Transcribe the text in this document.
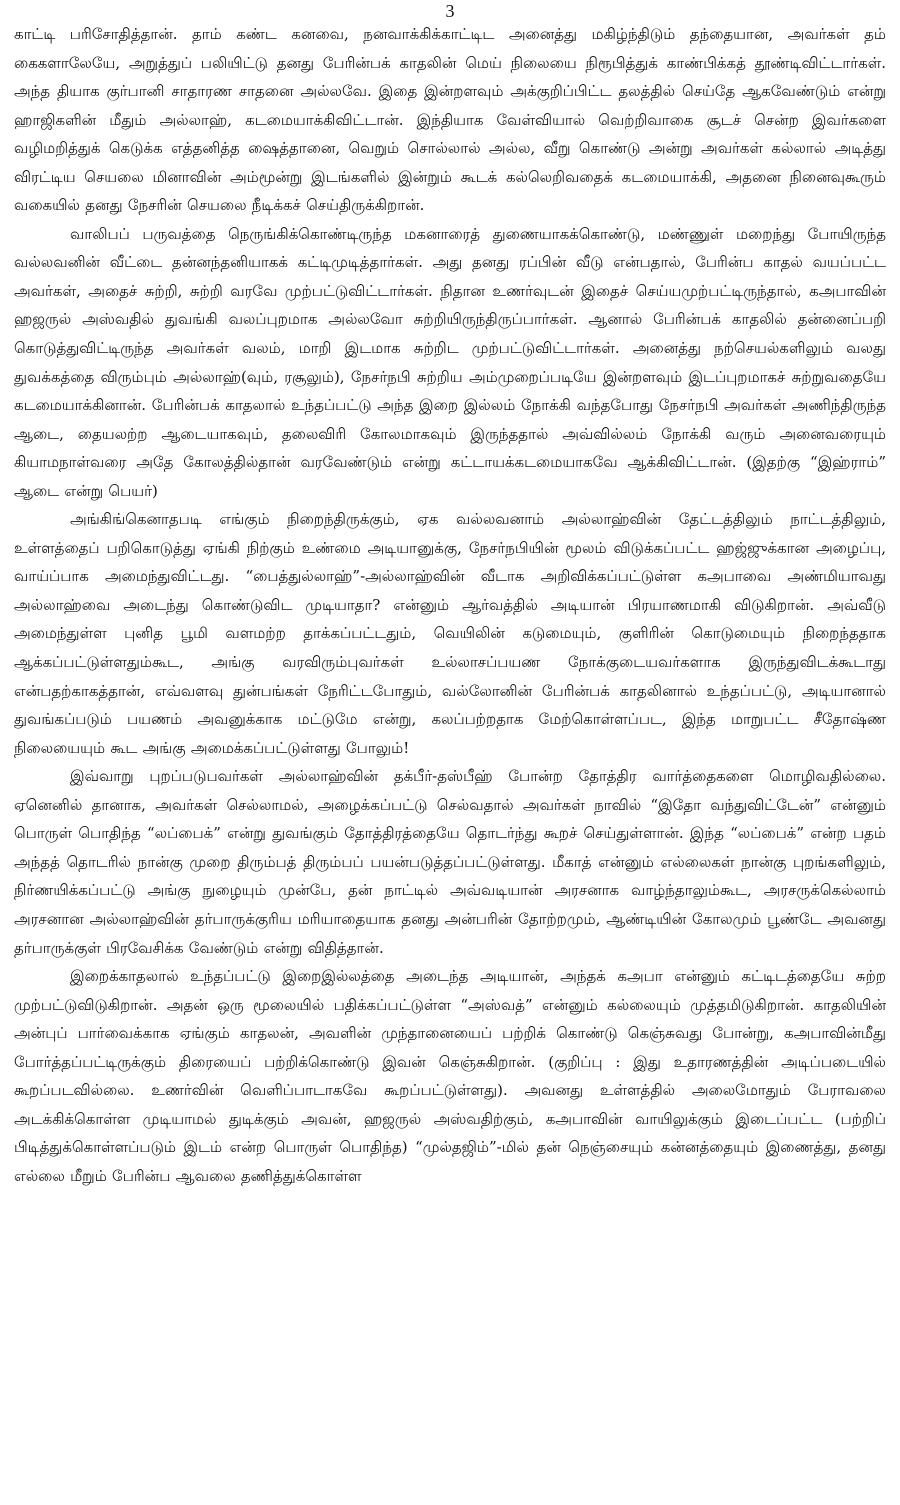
3

காட்டி பரிசோதித்தான். தாம் கண்ட கனவை, நனவாக்கிக்காட்டிட அனைத்து மகிழ்ந்திடும் தந்தையான, அவர்கள் தம் கைகளாலேயே, அறுத்துப் பலியிட்டு தனது பேரின்பக் காதலின் மெய் நிலையை நிரூபித்துக் காண்பிக்கத் தூண்டிவிட்டார்கள். அந்த தியாக குர்பானி சாதாரண சாதனை அல்லவே. இதை இன்றளவும் அக்குறிப்பிட்ட தலத்தில் செய்தே ஆகவேண்டும் என்று ஹாஜிகளின் மீதும் அல்லாஹ், கடமையாக்கிவிட்டான். இந்தியாக வேள்வியால் வெற்றிவாகை சூடச் சென்ற இவர்களை வழிமறித்துக் கெடுக்க எத்தனித்த ஷைத்தானை, வெறும் சொல்லால் அல்ல, வீறு கொண்டு அன்று அவர்கள் கல்லால் அடித்து விரட்டிய செயலை மினாவின் அம்மூன்று இடங்களில் இன்றும் கூடக் கல்லெறிவதைக் கடமையாக்கி, அதனை நினைவுகூரும் வகையில் தனது நேசரின் செயலை நீடிக்கச் செய்திருக்கிறான்.

வாலிபப் பருவத்தை நெருங்கிக்கொண்டிருந்த மகனாரைத் துணையாகக்கொண்டு, மண்ணுள் மறைந்து போயிருந்த வல்லவனின் வீட்டை தன்னந்தனியாகக் கட்டிமுடித்தார்கள். அது தனது ரப்பின் வீடு என்பதால், பேரின்ப காதல் வயப்பட்ட அவர்கள், அதைச் சுற்றி, சுற்றி வரவே முற்பட்டுவிட்டார்கள். நிதான உணர்வுடன் இதைச் செய்யமுற்பட்டிருந்தால், கஅபாவின் ஹஜருல் அஸ்வதில் துவங்கி வலப்புறமாக அல்லவோ சுற்றியிருந்திருப்பார்கள். ஆனால் பேரின்பக் காதலில் தன்னைப்பறி கொடுத்துவிட்டிருந்த அவர்கள் வலம், மாறி இடமாக சுற்றிட முற்பட்டுவிட்டார்கள். அனைத்து நற்செயல்களிலும் வலது துவக்கத்தை விரும்பும் அல்லாஹ்(வும், ரசூலும்), நேசர்நபி சுற்றிய அம்முறைப்படியே இன்றளவும் இடப்புறமாகச் சுற்றுவதையே கடமையாக்கினான். பேரின்பக் காதலால் உந்தப்பட்டு அந்த இறை இல்லம் நோக்கி வந்தபோது நேசர்நபி அவர்கள் அணிந்திருந்த ஆடை, தையலற்ற ஆடையாகவும், தலைவிரி கோலமாகவும் இருந்ததால் அவ்வில்லம் நோக்கி வரும் அனைவரையும் கியாமநாள்வரை அதே கோலத்தில்தான் வரவேண்டும் என்று கட்டாயக்கடமையாகவே ஆக்கிவிட்டான். (இதற்கு “இஹ்ராம்” ஆடை என்று பெயர்)

அங்கிங்கெனாதபடி எங்கும் நிறைந்திருக்கும், ஏக வல்லவனாம் அல்லாஹ்வின் தேட்டத்திலும் நாட்டத்திலும், உள்ளத்தைப் பறிகொடுத்து ஏங்கி நிற்கும் உண்மை அடியானுக்கு, நேசர்நபியின் மூலம் விடுக்கப்பட்ட ஹஜ்ஜுக்கான அழைப்பு, வாய்ப்பாக அமைந்துவிட்டது. “பைத்துல்லாஹ்”-அல்லாஹ்வின் வீடாக அறிவிக்கப்பட்டுள்ள கஅபாவை அண்மியாவது அல்லாஹ்வை அடைந்து கொண்டுவிட முடியாதா? என்னும் ஆர்வத்தில் அடியான் பிரயாணமாகி விடுகிறான். அவ்வீடு அமைந்துள்ள புனித பூமி வளமற்ற தாக்கப்பட்டதும், வெயிலின் கடுமையும், குளிரின் கொடுமையும் நிறைந்ததாக ஆக்கப்பட்டுள்ளதும்கூட, அங்கு வரவிரும்புவர்கள் உல்லாசப்பயண நோக்குடையவர்களாக இருந்துவிடக்கூடாது என்பதற்காகத்தான், எவ்வளவு துன்பங்கள் நேரிட்டபோதும், வல்லோனின் பேரின்பக் காதலினால் உந்தப்பட்டு, அடியானால் துவங்கப்படும் பயணம் அவனுக்காக மட்டுமே என்று, கலப்பற்றதாக மேற்கொள்ளப்பட, இந்த மாறுபட்ட சீதோஷ்ண நிலையையும் கூட அங்கு அமைக்கப்பட்டுள்ளது போலும்!

இவ்வாறு புறப்படுபவர்கள் அல்லாஹ்வின் தக்பீர்-தஸ்பீஹ் போன்ற தோத்திர வார்த்தைகளை மொழிவதில்லை. ஏனெனில் தானாக, அவர்கள் செல்லாமல், அழைக்கப்பட்டு செல்வதால் அவர்கள் நாவில் “இதோ வந்துவிட்டேன்” என்னும் பொருள் பொதிந்த “லப்பைக்” என்று துவங்கும் தோத்திரத்தையே தொடர்ந்து கூறச் செய்துள்ளான். இந்த “லப்பைக்” என்ற பதம் அந்தத் தொடரில் நான்கு முறை திரும்பத் திரும்பப் பயன்படுத்தப்பட்டுள்ளது. மீகாத் என்னும் எல்லைகள் நான்கு புறங்களிலும், நிர்ணயிக்கப்பட்டு அங்கு நுழையும் முன்பே, தன் நாட்டில் அவ்வடியான் அரசனாக வாழ்ந்தாலும்கூட, அரசருக்கெல்லாம் அரசனான அல்லாஹ்வின் தர்பாருக்குரிய மரியாதையாக தனது அன்பரின் தோற்றமும், ஆண்டியின் கோலமும் பூண்டே அவனது தர்பாருக்குள் பிரவேசிக்க வேண்டும் என்று விதித்தான்.

இறைக்காதலால் உந்தப்பட்டு இறைஇல்லத்தை அடைந்த அடியான், அந்தக் கஅபா என்னும் கட்டிடத்தையே சுற்ற முற்பட்டுவிடுகிறான். அதன் ஒரு மூலையில் பதிக்கப்பட்டுள்ள “அஸ்வத்” என்னும் கல்லையும் முத்தமிடுகிறான். காதலியின் அன்புப் பார்வைக்காக ஏங்கும் காதலன், அவளின் முந்தானையைப் பற்றிக் கொண்டு கெஞ்சுவது போன்று, கஅபாவின்மீது போர்த்தப்பட்டிருக்கும் திரையைப் பற்றிக்கொண்டு இவன் கெஞ்சுகிறான். (குறிப்பு : இது உதாரணத்தின் அடிப்படையில் கூறப்படவில்லை. உணர்வின் வெளிப்பாடாகவே கூறப்பட்டுள்ளது). அவனது உள்ளத்தில் அலைமோதும் பேராவலை அடக்கிக்கொள்ள முடியாமல் துடிக்கும் அவன், ஹஜருல் அஸ்வதிற்கும், கஅபாவின் வாயிலுக்கும் இடைப்பட்ட (பற்றிப் பிடித்துக்கொள்ளப்படும் இடம் என்ற பொருள் பொதிந்த) “முல்தஜிம்”-மில் தன் நெஞ்சையும் கன்னத்தையும் இணைத்து, தனது எல்லை மீறும் பேரின்ப ஆவலை தணித்துக்கொள்ள
